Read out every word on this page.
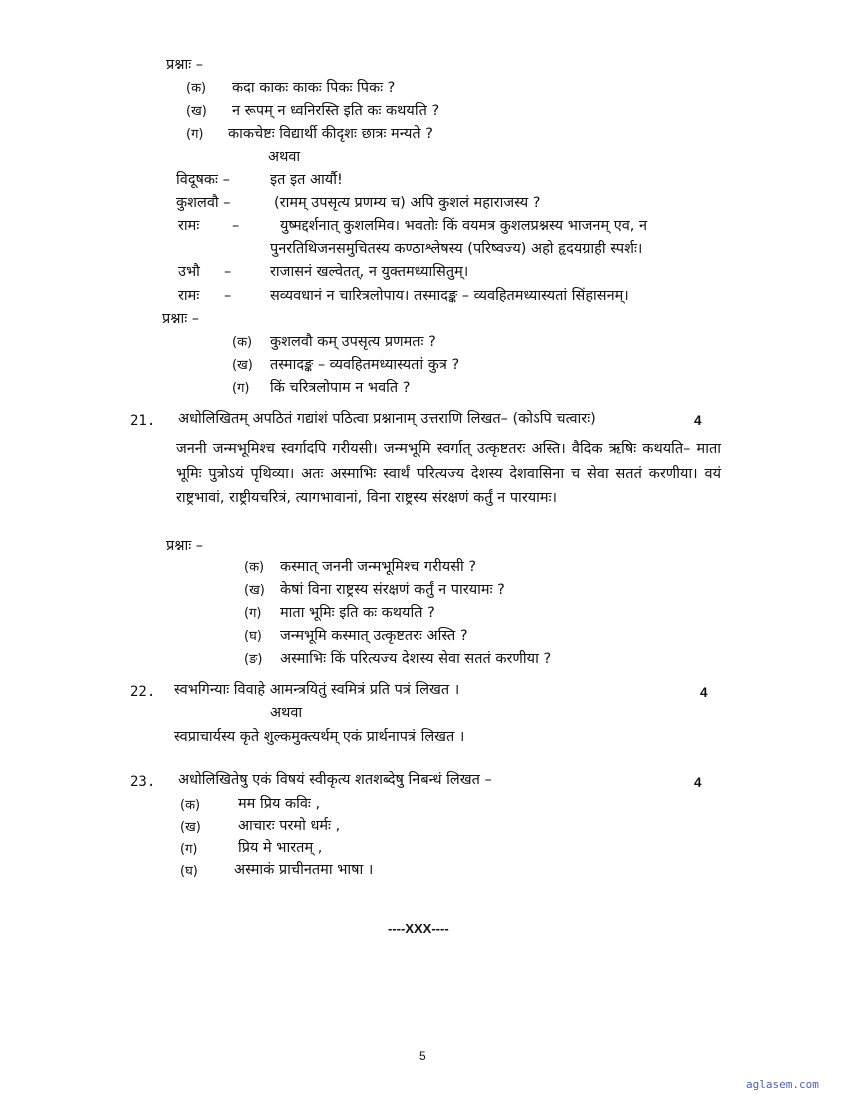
प्रश्नाः –
(क) कदा काकः काकः पिकः पिकः ?
(ख) न रूपम् न ध्वनिरस्ति इति कः कथयति ?
(ग) काकचेष्टः विद्यार्थी कीदृशः छात्रः मन्यते ?
अथवा
विदूषकः –	इत इत आर्यौ!
कुशलवौ –	(रामम् उपसृत्य प्रणम्य च) अपि कुशलं महाराजस्य ?
रामः –	युष्मद्दर्शनात् कुशलमिव। भवतोः किं वयमत्र कुशलप्रश्नस्य भाजनम् एव, न
पुनरतिथिजनसमुचितस्य कण्ठाश्लेषस्य (परिष्वज्य) अहो हृदयग्राही स्पर्शः।
उभौ –	राजासनं खल्वेतत्, न युक्तमध्यासितुम्।
रामः –	सव्यवधानं न चारित्रलोपाय। तस्मादङ्क – व्यवहितमध्यास्यतां सिंहासनम्।
प्रश्नाः –
(क) कुशलवौ कम् उपसृत्य प्रणमतः ?
(ख) तस्मादङ्क – व्यवहितमध्यास्यतां कुत्र ?
(ग) किं चरित्रलोपाम न भवति ?
21. अधोलिखितम् अपठितं गद्यांशं पठित्वा प्रश्नानाम् उत्तराणि लिखत– (कोऽपि चत्वारः)	4
जननी जन्मभूमिश्च स्वर्गादपि गरीयसी। जन्मभूमि स्वर्गात् उत्कृष्टतरः अस्ति। वैदिक ऋषिः कथयति– माता भूमिः पुत्रोऽयं पृथिव्या। अतः अस्माभिः स्वार्थं परित्यज्य देशस्य देशवासिना च सेवा सततं करणीया। वयं राष्ट्रभावां, राष्ट्रीयचरित्रं, त्यागभावानां, विना राष्ट्रस्य संरक्षणं कर्तुं न पारयामः।
प्रश्नाः –
(क) कस्मात् जननी जन्मभूमिश्च गरीयसी ?
(ख) केषां विना राष्ट्रस्य संरक्षणं कर्तुं न पारयामः ?
(ग) माता भूमिः इति कः कथयति ?
(घ) जन्मभूमि कस्मात् उत्कृष्टतरः अस्ति ?
(ङ) अस्माभिः किं परित्यज्य देशस्य सेवा सततं करणीया ?
22. स्वभगिन्याः विवाहे आमन्त्रयितुं स्वमित्रं प्रति पत्रं लिखत ।	4
अथवा
स्वप्राचार्यस्य कृते शुल्कमुक्त्यर्थम् एकं प्रार्थनापत्रं लिखत ।
23. अधोलिखितेषु एकं विषयं स्वीकृत्य शतशब्देषु निबन्धं लिखत –	4
(क)	मम प्रिय कविः ,
(ख)	आचारः परमो धर्मः ,
(ग)	प्रिय मे भारतम् ,
(घ) अस्माकं प्राचीनतमा भाषा ।
----XXX----
5
aglasem.com
